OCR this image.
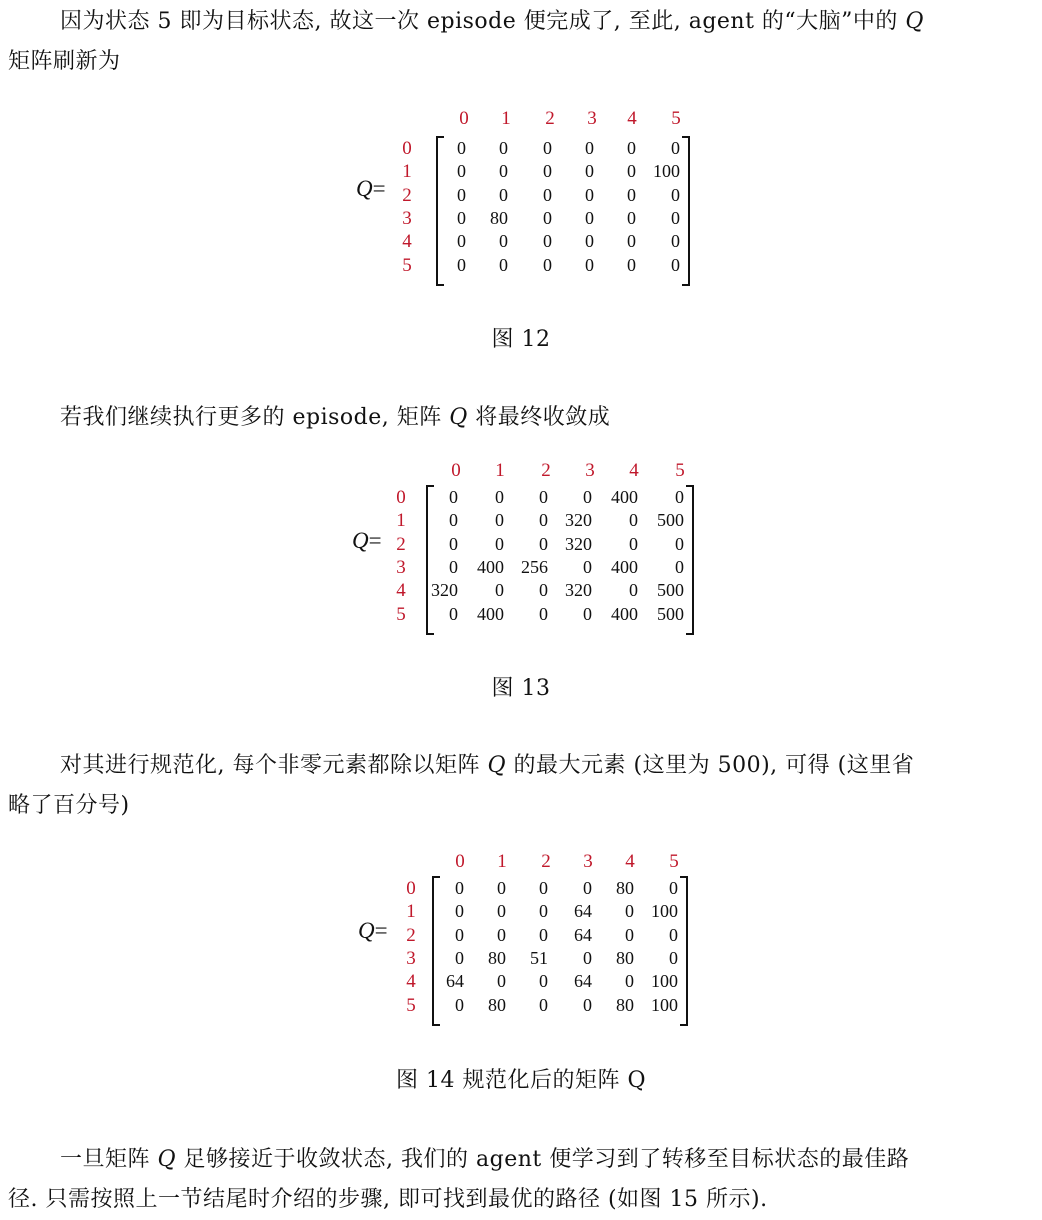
因为状态 5 即为目标状态, 故这一次 episode 便完成了, 至此, agent 的“大脑”中的 Q
矩阵刷新为
Q=
0 1 2 3 4 5
0
1
2
3
4
5
0	0	0	0	0	0
0	0	0	0	0 100
0	0	0	0	0	0
0	80	0	0	0	0
0	0	0	0	0	0
0	0	0	0	0	0
图 12
若我们继续执行更多的 episode, 矩阵 Q 将最终收敛成
Q=
0 1 2 3 4 5
0
1
2
3
4
5
0	0	0	0	400	0
0	0	0 320	0	500
0	0	0 320	0	0
0	400 256	0	400	0
320	0	0 320	0	500
0	400	0	0	400	500
图 13
对其进行规范化, 每个非零元素都除以矩阵 Q 的最大元素 (这里为 500), 可得 (这里省
略了百分号)
Q=
0 1 2 3 4 5
0
1
2
3
4
5
0	0	0	0	80	0
0	0	0	64	0 100
0	0	0	64	0	0
0	80	51	0	80	0
64	0	0	64	0 100
0	80	0	0	80 100
图 14 规范化后的矩阵 Q
一旦矩阵 Q 足够接近于收敛状态, 我们的 agent 便学习到了转移至目标状态的最佳路
径. 只需按照上一节结尾时介绍的步骤, 即可找到最优的路径 (如图 15 所示).
